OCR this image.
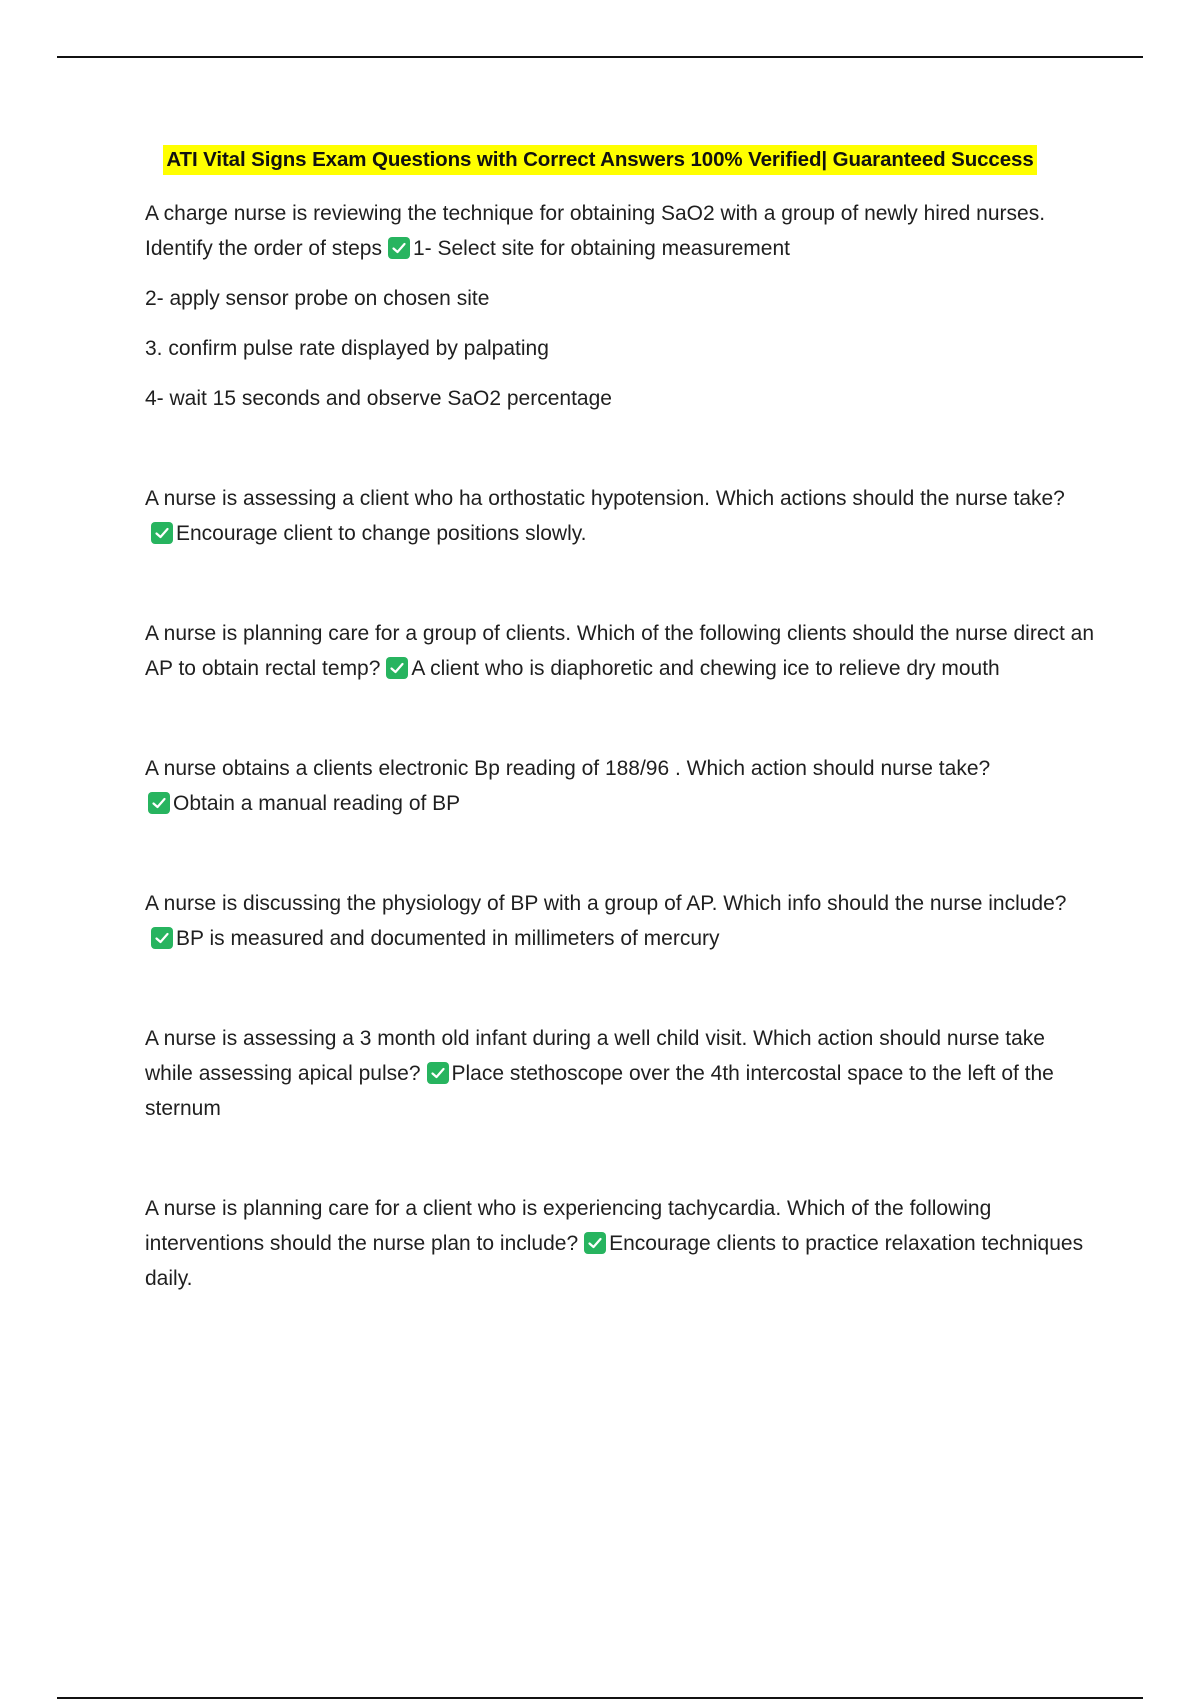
ATI Vital Signs Exam Questions with Correct Answers 100% Verified| Guaranteed Success

A charge nurse is reviewing the technique for obtaining SaO2 with a group of newly hired nurses. Identify the order of steps 1- Select site for obtaining measurement

2- apply sensor probe on chosen site

3. confirm pulse rate displayed by palpating

4- wait 15 seconds and observe SaO2 percentage

A nurse is assessing a client who ha orthostatic hypotension. Which actions should the nurse take?
Encourage client to change positions slowly.

A nurse is planning care for a group of clients. Which of the following clients should the nurse direct an AP to obtain rectal temp? A client who is diaphoretic and chewing ice to relieve dry mouth

A nurse obtains a clients electronic Bp reading of 188/96 . Which action should nurse take?

Obtain a manual reading of BP

A nurse is discussing the physiology of BP with a group of AP. Which info should the nurse include?
BP is measured and documented in millimeters of mercury

A nurse is assessing a 3 month old infant during a well child visit. Which action should nurse take while assessing apical pulse? Place stethoscope over the 4th intercostal space to the left of the sternum

A nurse is planning care for a client who is experiencing tachycardia. Which of the following interventions should the nurse plan to include? Encourage clients to practice relaxation techniques daily.
